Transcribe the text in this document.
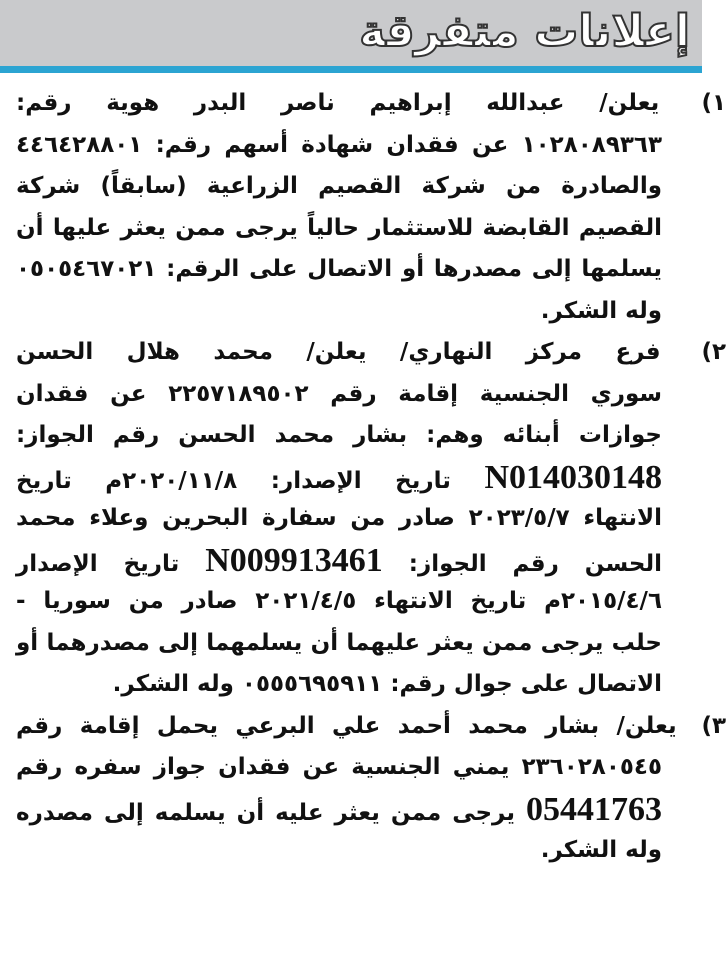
إعلانات متفرقة
١) يعلن/ عبدالله إبراهيم ناصر البدر هوية رقم:
١٠٢٨٠٨٩٣٦٣ عن فقدان شهادة أسهم رقم: ٤٤٦٤٢٨٨٠١
والصادرة من شركة القصيم الزراعية (سابقاً) شركة
القصيم القابضة للاستثمار حالياً يرجى ممن يعثر عليها أن
يسلمها إلى مصدرها أو الاتصال على الرقم: ٠٥٠٥٤٦٧٠٢١
وله الشكر.
٢) فرع مركز النهاري/ يعلن/ محمد هلال الحسن
سوري الجنسية إقامة رقم ٢٢٥٧١٨٩٥٠٢ عن فقدان
جوازات أبنائه وهم: بشار محمد الحسن رقم الجواز:
N014030148 تاريخ الإصدار: ٢٠٢٠/١١/٨م تاريخ
الانتهاء ٢٠٢٣/٥/٧ صادر من سفارة البحرين وعلاء محمد
الحسن رقم الجواز: N009913461 تاريخ الإصدار
٢٠١٥/٤/٦م تاريخ الانتهاء ٢٠٢١/٤/٥ صادر من سوريا -
حلب يرجى ممن يعثر عليهما أن يسلمهما إلى مصدرهما أو
الاتصال على جوال رقم: ٠٥٥٥٦٩٥٩١١ وله الشكر.
٣) يعلن/ بشار محمد أحمد علي البرعي يحمل إقامة رقم
٢٣٦٠٢٨٠٥٤٥ يمني الجنسية عن فقدان جواز سفره رقم
05441763 يرجى ممن يعثر عليه أن يسلمه إلى مصدره
وله الشكر.
